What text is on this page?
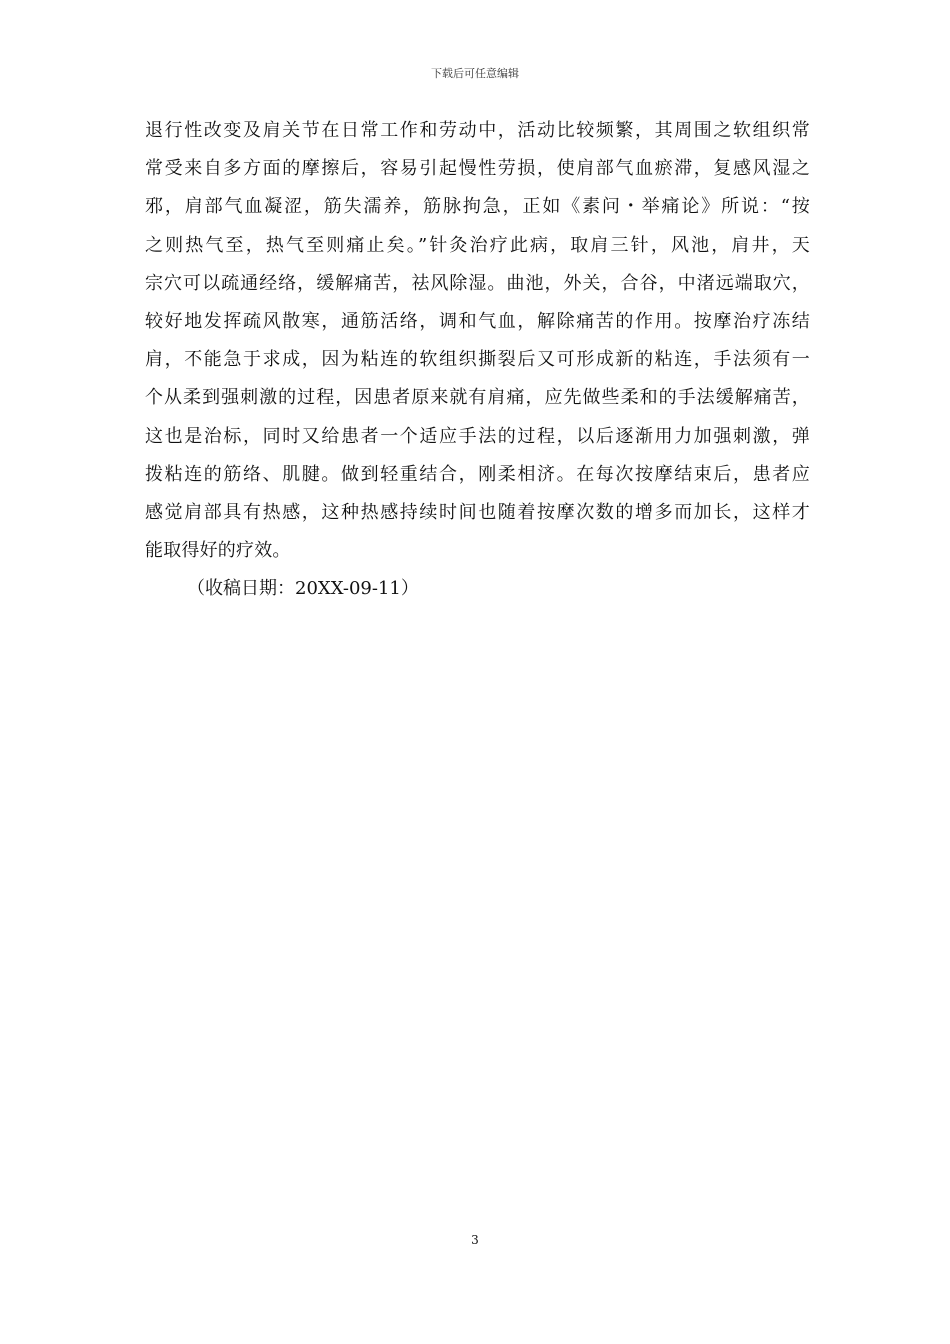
下载后可任意编辑
退行性改变及肩关节在日常工作和劳动中，活动比较频繁，其周围之软组织常
常受来自多方面的摩擦后，容易引起慢性劳损，使肩部气血瘀滞，复感风湿之
邪，肩部气血凝涩，筋失濡养，筋脉拘急，正如《素问・举痛论》所说：“按
之则热气至，热气至则痛止矣。”针灸治疗此病，取肩三针，风池，肩井，天
宗穴可以疏通经络，缓解痛苦，祛风除湿。曲池，外关，合谷，中渚远端取穴，
较好地发挥疏风散寒，通筋活络，调和气血，解除痛苦的作用。按摩治疗冻结
肩，不能急于求成，因为粘连的软组织撕裂后又可形成新的粘连，手法须有一
个从柔到强刺激的过程，因患者原来就有肩痛，应先做些柔和的手法缓解痛苦，
这也是治标，同时又给患者一个适应手法的过程，以后逐渐用力加强刺激，弹
拨粘连的筋络、肌腱。做到轻重结合，刚柔相济。在每次按摩结束后，患者应
感觉肩部具有热感，这种热感持续时间也随着按摩次数的增多而加长，这样才
能取得好的疗效。
（收稿日期：20XX-09-11）
3
